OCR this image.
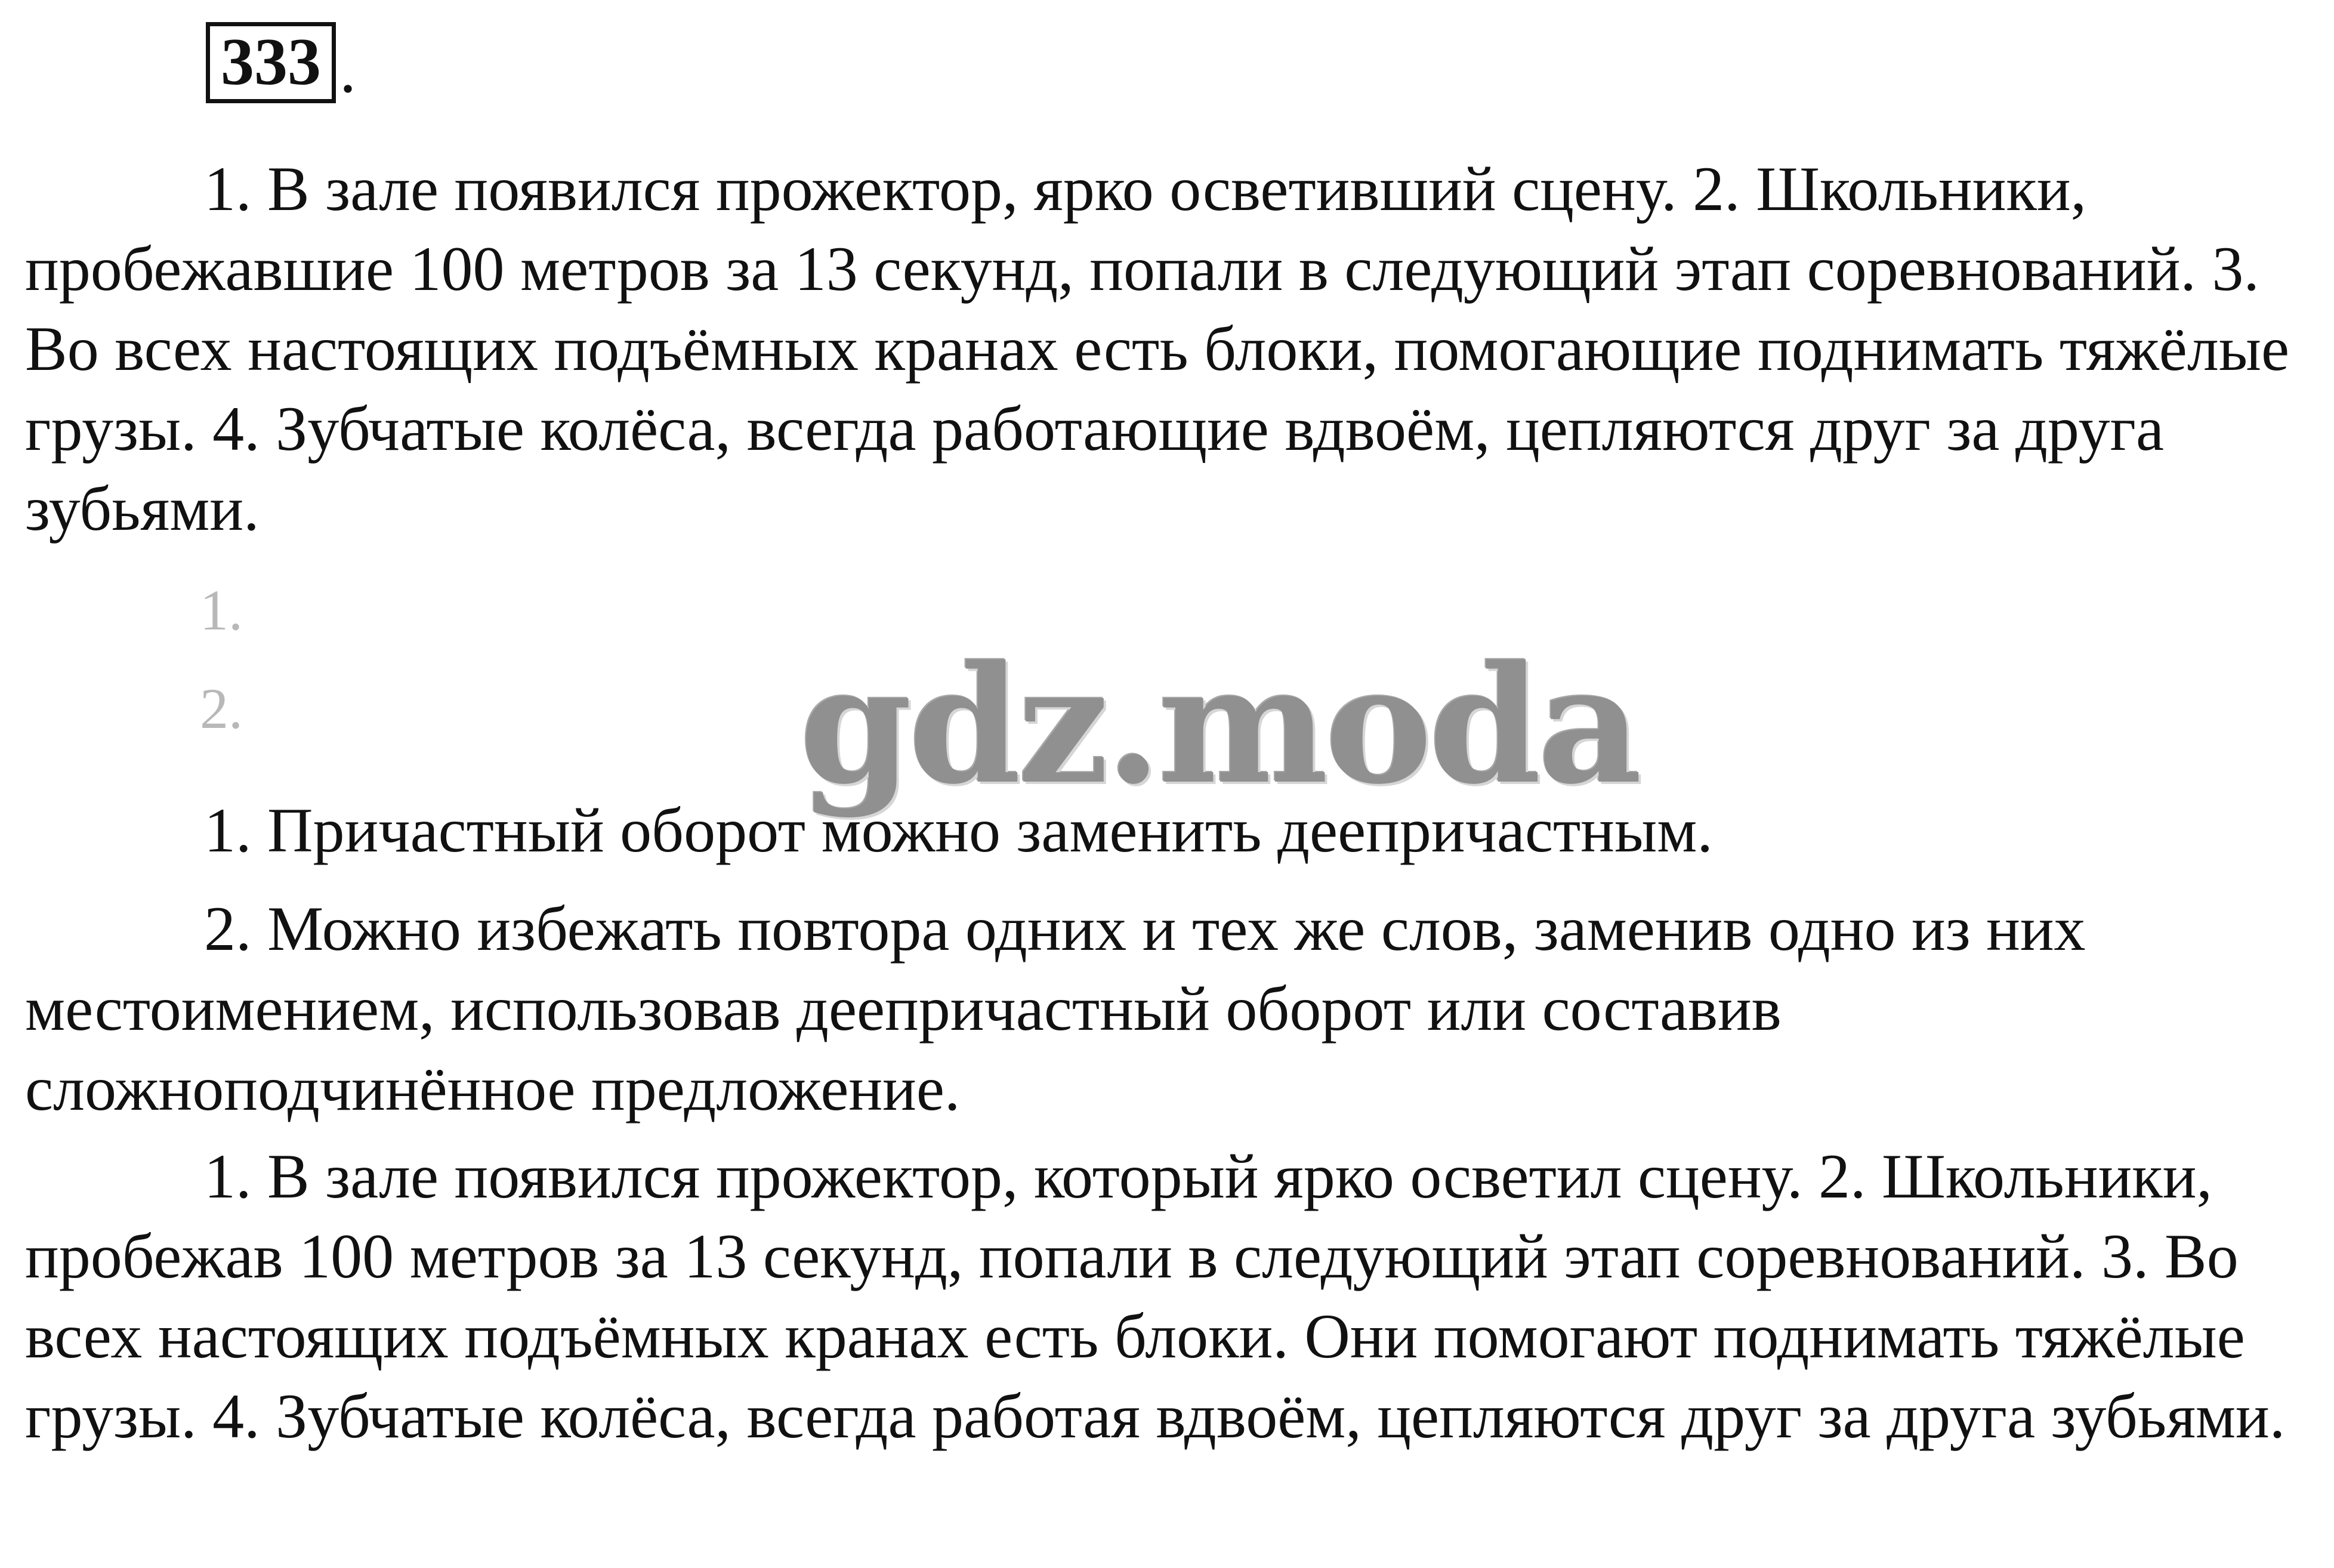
333 .

1. В зале появился прожектор, ярко осветивший сцену. 2. Школьники, пробежавшие 100 метров за 13 секунд, попали в следующий этап соревнований. 3. Во всех настоящих подъёмных кранах есть блоки, помогающие поднимать тяжёлые грузы. 4. Зубчатые колёса, всегда работающие вдвоём, цепляются друг за друга зубьями.

1.
2.

1. Причастный оборот можно заменить деепричастным.

2. Можно избежать повтора одних и тех же слов, заменив одно из них местоимением, использовав деепричастный оборот или составив сложноподчинённое предложение.

1. В зале появился прожектор, который ярко осветил сцену. 2. Школьники, пробежав 100 метров за 13 секунд, попали в следующий этап соревнований. 3. Во всех настоящих подъёмных кранах есть блоки. Они помогают поднимать тяжёлые грузы. 4. Зубчатые колёса, всегда работая вдвоём, цепляются друг за друга зубьями.

gdz.moda
